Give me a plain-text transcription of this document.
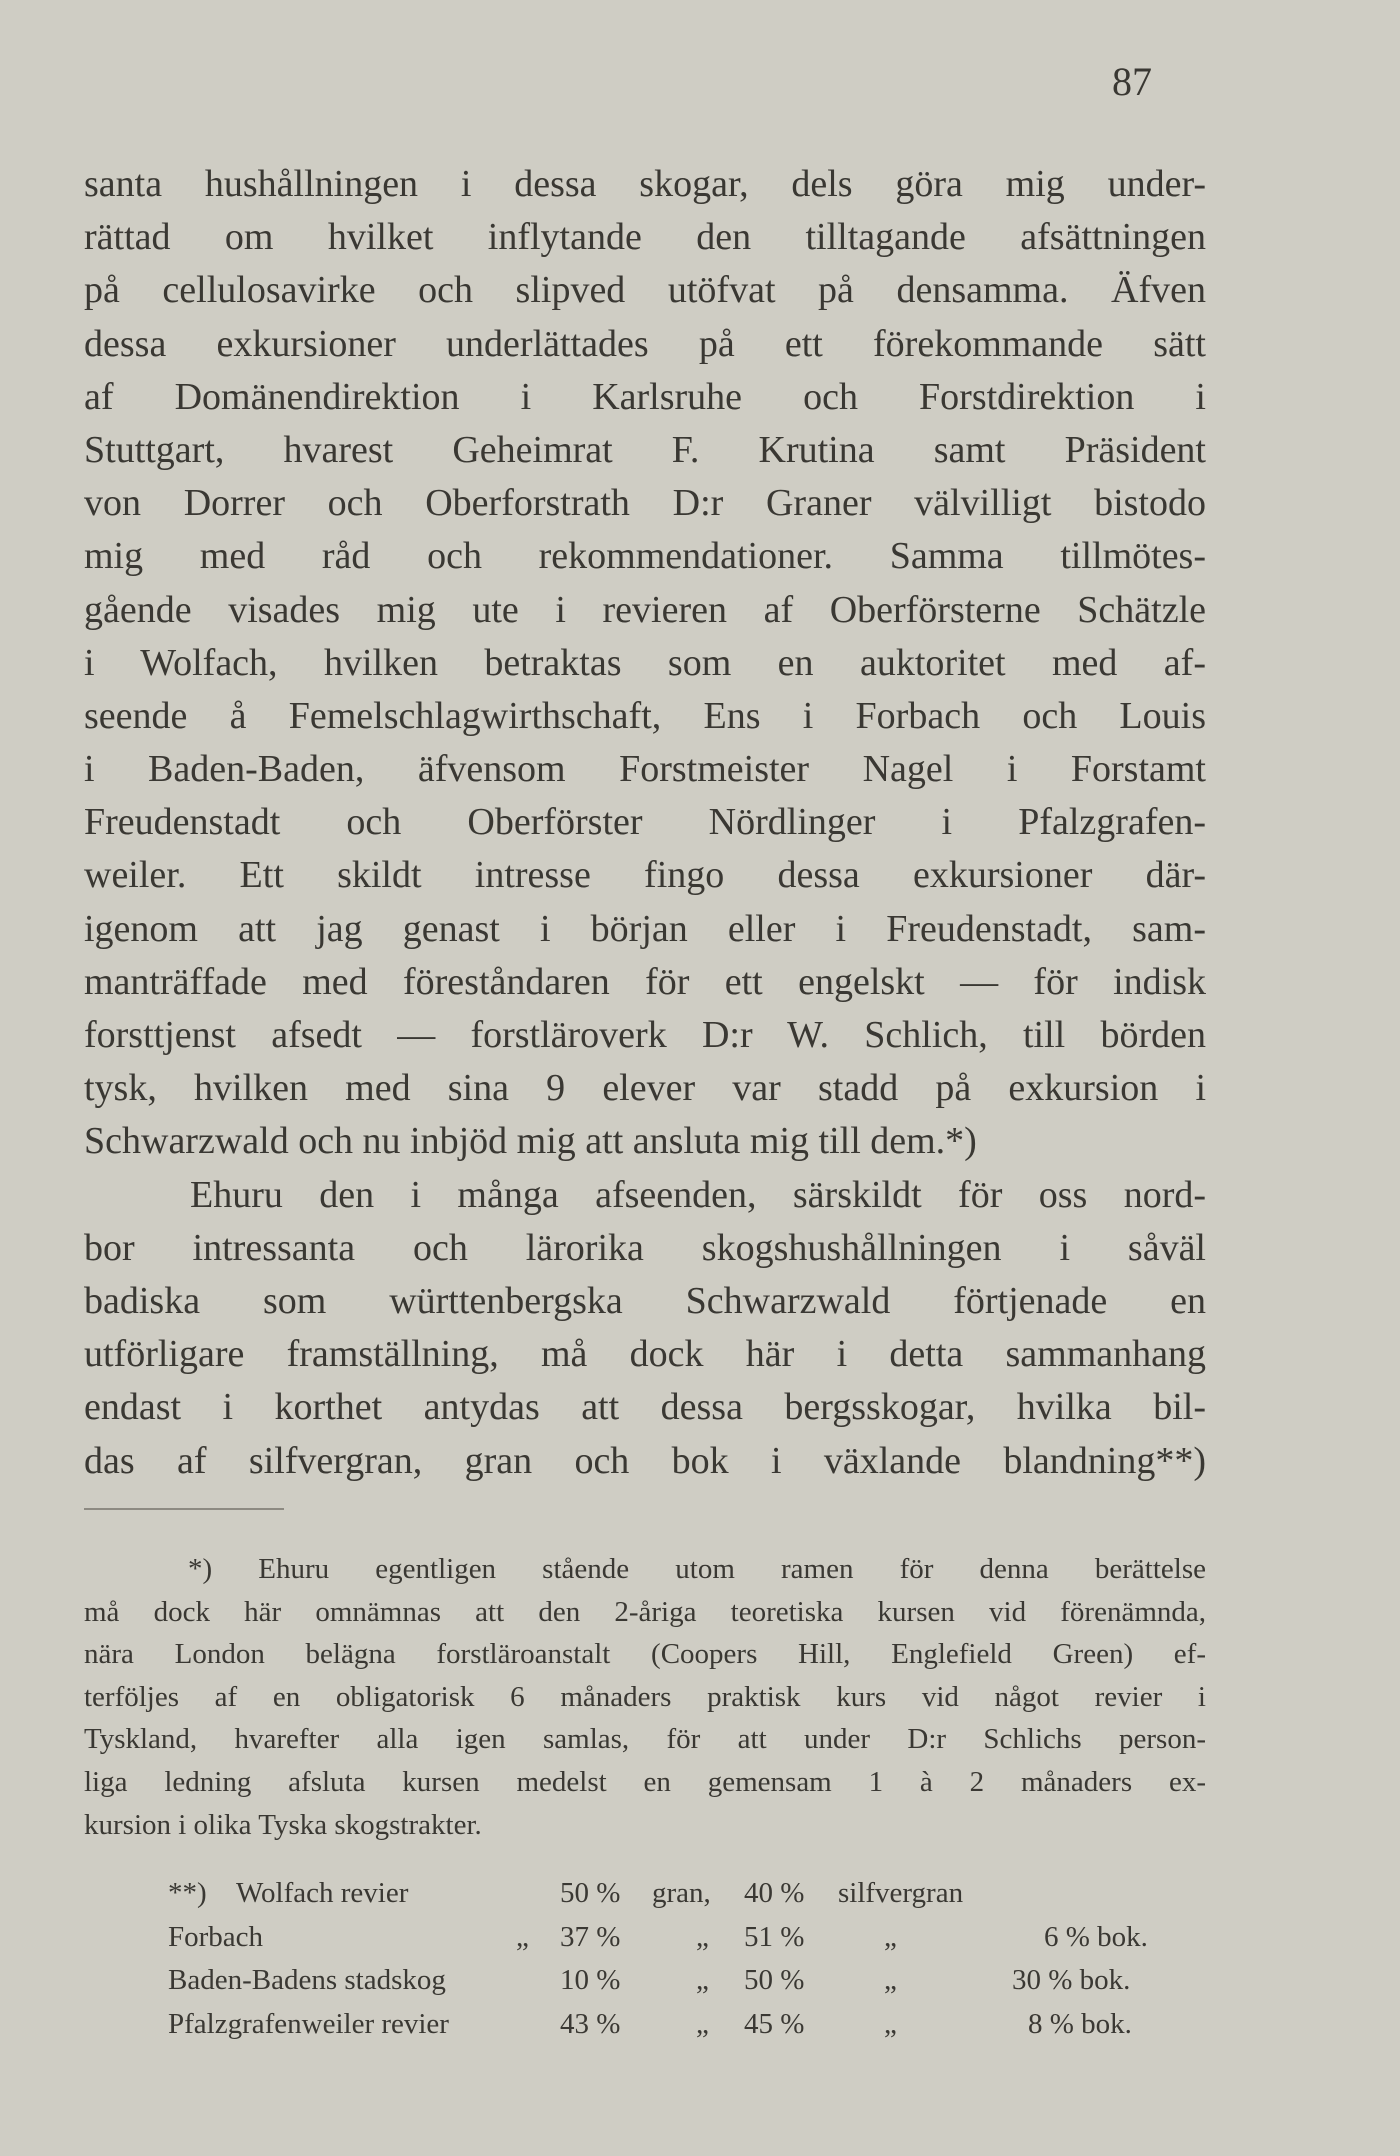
87
santa hushållningen i dessa skogar, dels göra mig under-
rättad om hvilket inflytande den tilltagande afsättningen
på cellulosavirke och slipved utöfvat på densamma. Äfven
dessa exkursioner underlättades på ett förekommande sätt
af Domänendirektion i Karlsruhe och Forstdirektion i
Stuttgart, hvarest Geheimrat F. Krutina samt Präsident
von Dorrer och Oberforstrath D:r Graner välvilligt bistodo
mig med råd och rekommendationer. Samma tillmötes-
gående visades mig ute i revieren af Oberförsterne Schätzle
i Wolfach, hvilken betraktas som en auktoritet med af-
seende å Femelschlagwirthschaft, Ens i Forbach och Louis
i Baden-Baden, äfvensom Forstmeister Nagel i Forstamt
Freudenstadt och Oberförster Nördlinger i Pfalzgrafen-
weiler. Ett skildt intresse fingo dessa exkursioner där-
igenom att jag genast i början eller i Freudenstadt, sam-
manträffade med föreståndaren för ett engelskt — för indisk
forsttjenst afsedt — forstläroverk D:r W. Schlich, till börden
tysk, hvilken med sina 9 elever var stadd på exkursion i
Schwarzwald och nu inbjöd mig att ansluta mig till dem.*)
Ehuru den i många afseenden, särskildt för oss nord-
bor intressanta och lärorika skogshushållningen i såväl
badiska som württenbergska Schwarzwald förtjenade en
utförligare framställning, må dock här i detta sammanhang
endast i korthet antydas att dessa bergsskogar, hvilka bil-
das af silfvergran, gran och bok i växlande blandning**)
*) Ehuru egentligen stående utom ramen för denna berättelse
må dock här omnämnas att den 2-åriga teoretiska kursen vid förenämnda,
nära London belägna forstläroanstalt (Coopers Hill, Englefield Green) ef-
terföljes af en obligatorisk 6 månaders praktisk kurs vid något revier i
Tyskland, hvarefter alla igen samlas, för att under D:r Schlichs person-
liga ledning afsluta kursen medelst en gemensam 1 à 2 månaders ex-
kursion i olika Tyska skogstrakter.
**) Wolfach revier	50 % gran, 40 % silfvergran
Forbach	„ 37 %	„ 51 %	„	6 % bok.
Baden-Badens stadskog	10 %	„ 50 %	„	30 % bok.
Pfalzgrafenweiler revier	43 %	„ 45 %	„	8 % bok.
